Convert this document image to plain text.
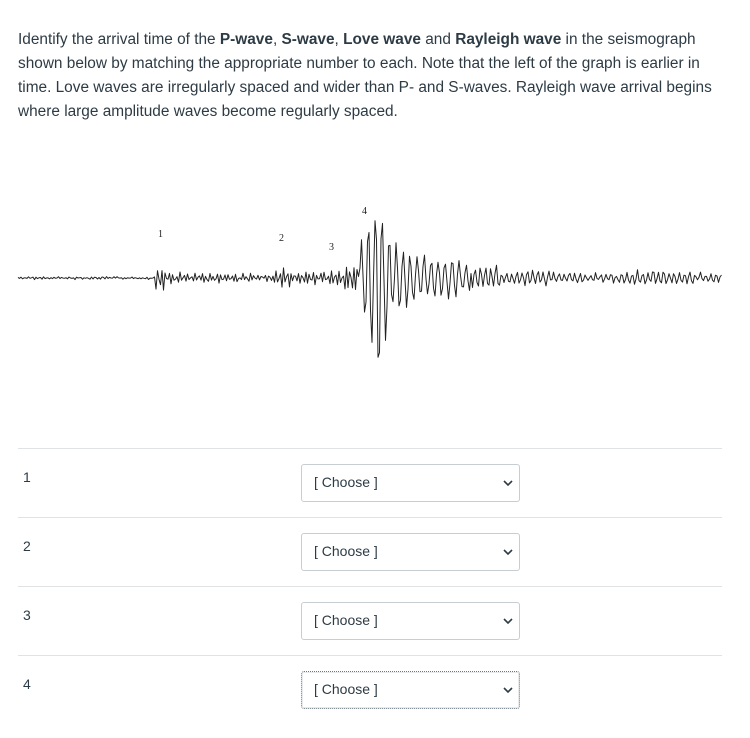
Identify the arrival time of the P-wave, S-wave, Love wave and Rayleigh wave in the seismograph shown below by matching the appropriate number to each. Note that the left of the graph is earlier in time. Love waves are irregularly spaced and wider than P- and S-waves. Rayleigh wave arrival begins where large amplitude waves become regularly spaced.
1	2
3
4
1	[ Choose ]
2	[ Choose ]
3	[ Choose ]
4	[ Choose ]
